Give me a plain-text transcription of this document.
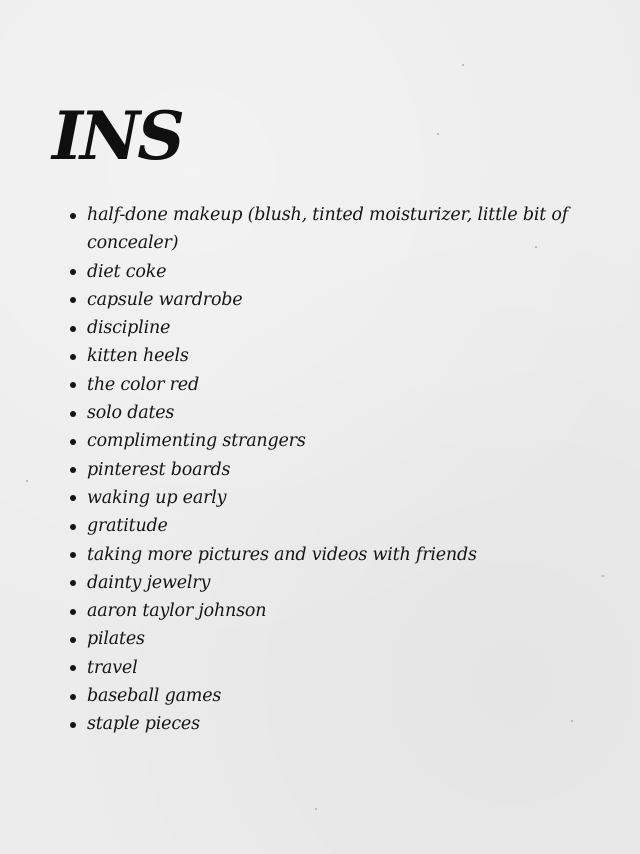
INS
half-done makeup (blush, tinted moisturizer, little bit of concealer)
diet coke
capsule wardrobe
discipline
kitten heels
the color red
solo dates
complimenting strangers
pinterest boards
waking up early
gratitude
taking more pictures and videos with friends
dainty jewelry
aaron taylor johnson
pilates
travel
baseball games
staple pieces
